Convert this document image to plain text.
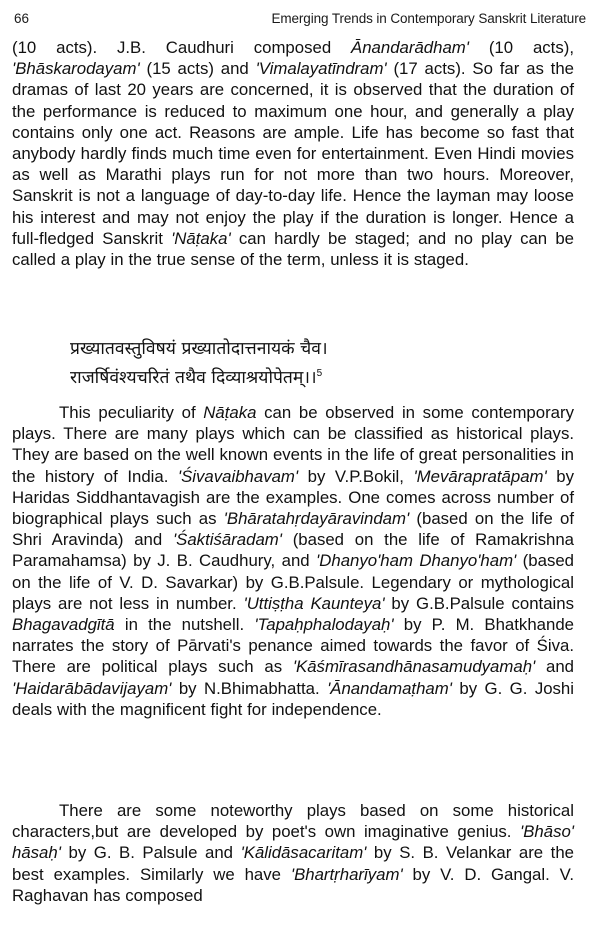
66	Emerging Trends in Contemporary Sanskrit Literature

(10 acts). J.B. Caudhuri composed Ānandarādham' (10 acts), 'Bhāskarodayam' (15 acts) and 'Vimalayatīndram' (17 acts). So far as the dramas of last 20 years are concerned, it is observed that the duration of the performance is reduced to maximum one hour, and generally a play contains only one act. Reasons are ample. Life has become so fast that anybody hardly finds much time even for entertainment. Even Hindi movies as well as Marathi plays run for not more than two hours. Moreover, Sanskrit is not a language of day-to-day life. Hence the layman may loose his interest and may not enjoy the play if the duration is longer. Hence a full-fledged Sanskrit 'Nāṭaka' can hardly be staged; and no play can be called a play in the true sense of the term, unless it is staged.

प्रख्यातवस्तुविषयं प्रख्यातोदात्तनायकं चैव।
राजर्षिवंश्यचरितं तथैव दिव्याश्रयोपेतम्।।$^5$

This peculiarity of Nāṭaka can be observed in some contemporary plays. There are many plays which can be classified as historical plays. They are based on the well known events in the life of great personalities in the history of India. 'Śivavaibhavam' by V.P.Bokil, 'Mevārapratāpam' by Haridas Siddhantavagish are the examples. One comes across number of biographical plays such as 'Bhāratahṛdayāravindam' (based on the life of Shri Aravinda) and 'Śaktiśāradam' (based on the life of Ramakrishna Paramahamsa) by J. B. Caudhury, and 'Dhanyo'ham Dhanyo'ham' (based on the life of V. D. Savarkar) by G.B.Palsule. Legendary or mythological plays are not less in number. 'Uttiṣṭha Kaunteya' by G.B.Palsule contains Bhagavadgītā in the nutshell. 'Tapaḥphalodayaḥ' by P. M. Bhatkhande narrates the story of Pārvati's penance aimed towards the favor of Śiva. There are political plays such as 'Kāśmīrasandhānasamudyamaḥ' and 'Haidarābādavijayam' by N.Bhimabhatta. 'Ānandamaṭham' by G. G. Joshi deals with the magnificent fight for independence.

There are some noteworthy plays based on some historical characters,but are developed by poet's own imaginative genius. 'Bhāso' hāsaḥ' by G. B. Palsule and 'Kālidāsacaritam' by S. B. Velankar are the best examples. Similarly we have 'Bhartṛharīyam' by V. D. Gangal. V. Raghavan has composed
